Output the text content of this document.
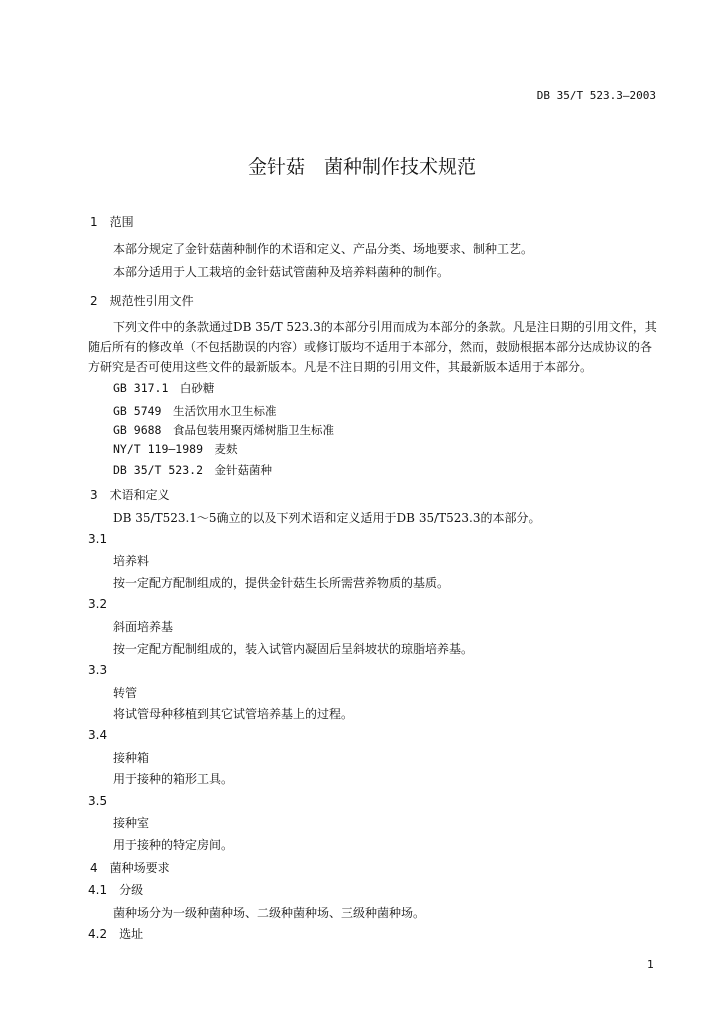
DB 35/T 523.3—2003
金针菇　菌种制作技术规范
1　范围
本部分规定了金针菇菌种制作的术语和定义、产品分类、场地要求、制种工艺。
本部分适用于人工栽培的金针菇试管菌种及培养料菌种的制作。
2　规范性引用文件
下列文件中的条款通过DB 35/T 523.3的本部分引用而成为本部分的条款。凡是注日期的引用文件，其随后所有的修改单（不包括勘误的内容）或修订版均不适用于本部分，然而，鼓励根据本部分达成协议的各方研究是否可使用这些文件的最新版本。凡是不注日期的引用文件，其最新版本适用于本部分。
GB 317.1　白砂糖
GB 5749　生活饮用水卫生标准
GB 9688　食品包装用聚丙烯树脂卫生标准
NY/T 119—1989　麦麸
DB 35/T 523.2　金针菇菌种
3　术语和定义
DB 35/T523.1～5确立的以及下列术语和定义适用于DB 35/T523.3的本部分。
3.1
培养料
按一定配方配制组成的，提供金针菇生长所需营养物质的基质。
3.2
斜面培养基
按一定配方配制组成的，装入试管内凝固后呈斜坡状的琼脂培养基。
3.3
转管
将试管母种移植到其它试管培养基上的过程。
3.4
接种箱
用于接种的箱形工具。
3.5
接种室
用于接种的特定房间。
4　菌种场要求
4.1　分级
菌种场分为一级种菌种场、二级种菌种场、三级种菌种场。
4.2　选址
1
